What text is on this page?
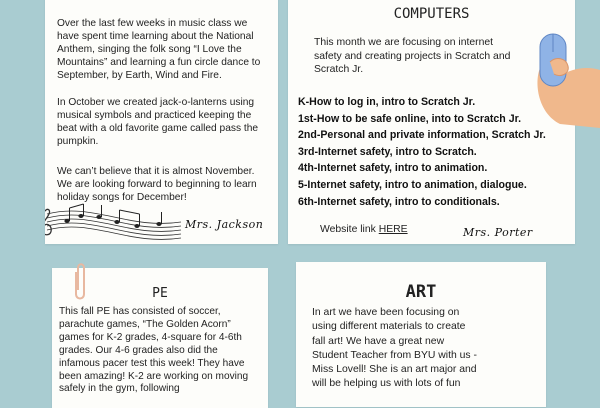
Over the last few weeks in music class we have spent time learning about the National Anthem, singing the folk song “I Love the Mountains” and learning a fun circle dance to September, by Earth, Wind and Fire.

In October we created jack-o-lanterns using musical symbols and practiced keeping the beat with a old favorite game called pass the pumpkin.

We can’t believe that it is almost November. We are looking forward to beginning to learn holiday songs for December!

Mrs. Jackson
COMPUTERS

This month we are focusing on internet safety and creating projects in Scratch and Scratch Jr.

K-How to log in, intro to Scratch Jr.
1st-How to be safe online, into to Scratch Jr.
2nd-Personal and private information, Scratch Jr.
3rd-Internet safety, intro to Scratch.
4th-Internet safety, intro to animation.
5-Internet safety, intro to animation, dialogue.
6th-Internet safety, intro to conditionals.
Website link HERE	Mrs. Porter
PE

This fall PE has consisted of soccer, parachute games, “The Golden Acorn” games for K-2 grades, 4-square for 4-6th grades. Our 4-6 grades also did the infamous pacer test this week! They have been amazing! K-2 are working on moving safely in the gym, following

ART

In art we have been focusing on using different materials to create fall art! We have a great new Student Teacher from BYU with us - Miss Lovell! She is an art major and will be helping us with lots of fun
